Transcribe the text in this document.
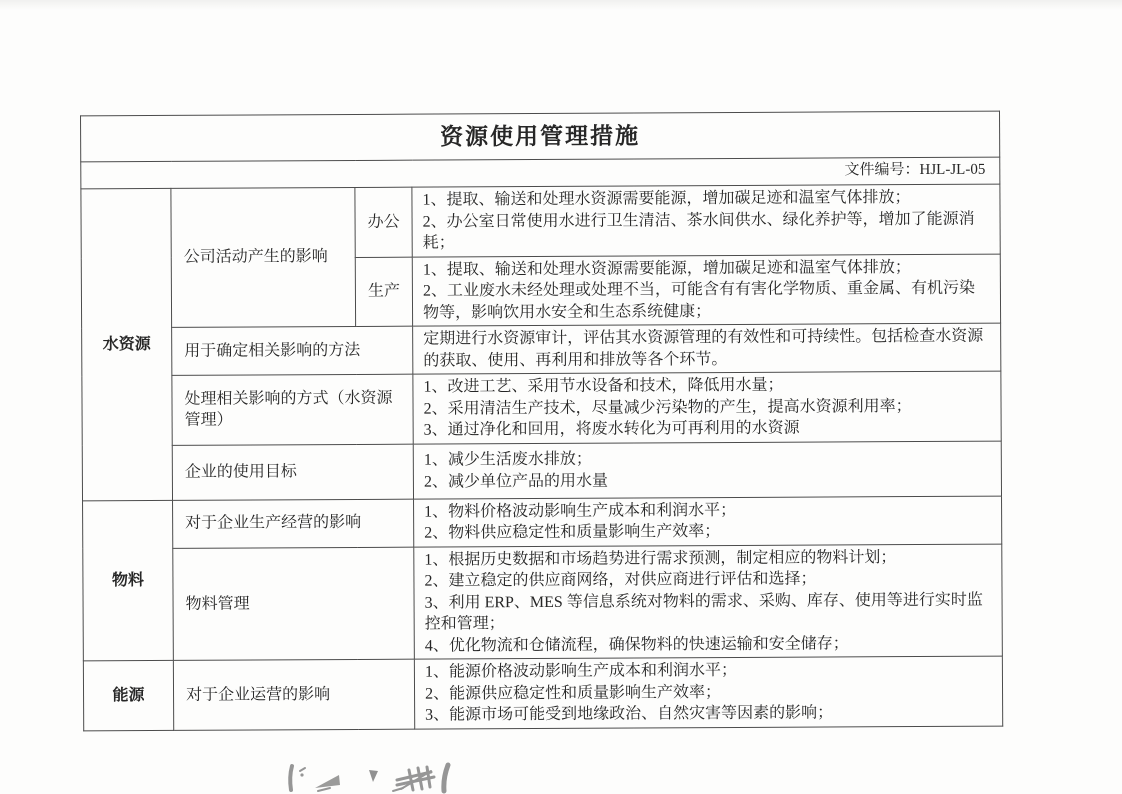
资源使用管理措施			
文件编号：HJL-JL-05			
水资源	公司活动产生的影响	办公	1、提取、输送和处理水资源需要能源，增加碳足迹和温室气体排放；
2、办公室日常使用水进行卫生清洁、茶水间供水、绿化养护等，增加了能源消耗；

		生产	1、提取、输送和处理水资源需要能源，增加碳足迹和温室气体排放；
2、工业废水未经处理或处理不当，可能含有有害化学物质、重金属、有机污染物等，影响饮用水安全和生态系统健康；

	用于确定相关影响的方法		定期进行水资源审计，评估其水资源管理的有效性和可持续性。包括检查水资源的获取、使用、再利用和排放等各个环节。

	处理相关影响的方式（水资源管理）		1、改进工艺、采用节水设备和技术，降低用水量；
2、采用清洁生产技术，尽量减少污染物的产生，提高水资源利用率；
3、通过净化和回用，将废水转化为可再利用的水资源

	企业的使用目标		1、减少生活废水排放；
2、减少单位产品的用水量

物料	对于企业生产经营的影响		1、物料价格波动影响生产成本和利润水平；
2、物料供应稳定性和质量影响生产效率；

	物料管理		1、根据历史数据和市场趋势进行需求预测，制定相应的物料计划；
2、建立稳定的供应商网络，对供应商进行评估和选择；
3、利用 ERP、MES 等信息系统对物料的需求、采购、库存、使用等进行实时监控和管理；
4、优化物流和仓储流程，确保物料的快速运输和安全储存；

能源	对于企业运营的影响		1、能源价格波动影响生产成本和利润水平；
2、能源供应稳定性和质量影响生产效率；
3、能源市场可能受到地缘政治、自然灾害等因素的影响；
